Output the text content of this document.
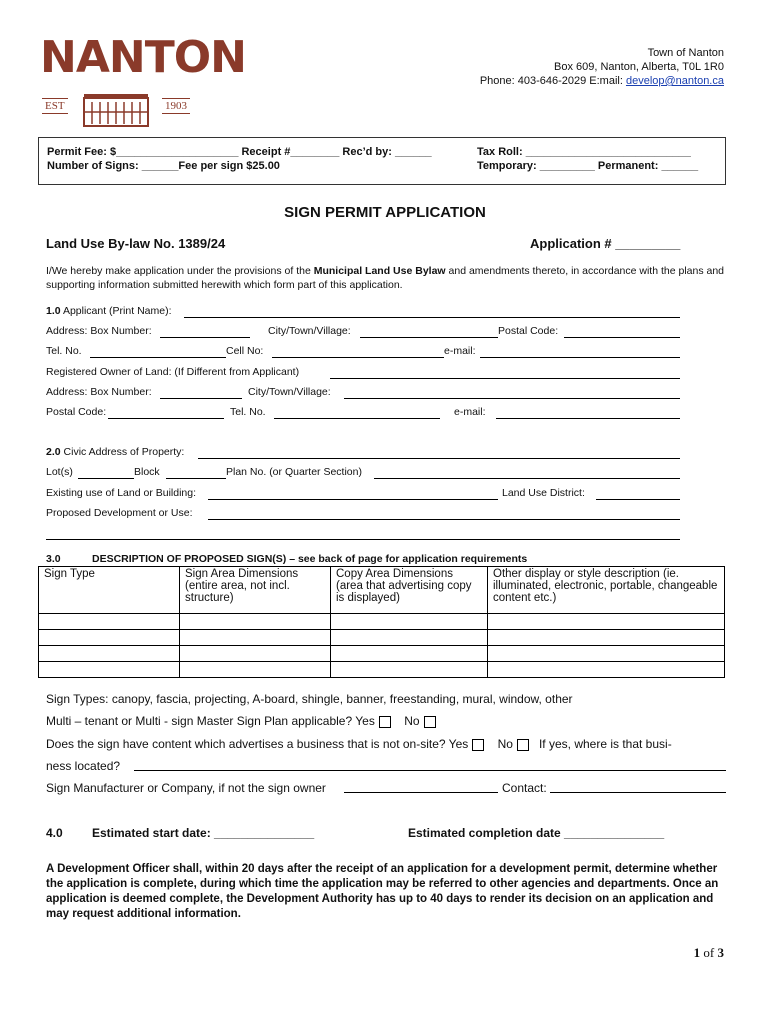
NANTON
EST	1903
Town of Nanton
Box 609, Nanton, Alberta, T0L 1R0
Phone: 403-646-2029 E:mail: develop@nanton.ca
Permit Fee: $____________________ Receipt #________ Rec’d by: ______
Number of Signs: ______Fee per sign $25.00
Tax Roll: ___________________________
Temporary: _________ Permanent: ______
SIGN PERMIT APPLICATION
Land Use By-law No. 1389/24	Application # _________
I/We hereby make application under the provisions of the Municipal Land Use Bylaw and amendments thereto, in accordance with the plans and supporting information submitted herewith which form part of this application.
1.0 Applicant (Print Name):
Address: Box Number:	City/Town/Village:	Postal Code:
Tel. No.	Cell No:	e-mail:
Registered Owner of Land: (If Different from Applicant)
Address: Box Number:	City/Town/Village:
Postal Code:	Tel. No.	e-mail:
2.0 Civic Address of Property:
Lot(s)	Block	Plan No. (or Quarter Section)
Existing use of Land or Building:	Land Use District:
Proposed Development or Use:
3.0	DESCRIPTION OF PROPOSED SIGN(S) – see back of page for application requirements
Sign Type	Sign Area Dimensions (entire area, not incl. structure)	Copy Area Dimensions (area that advertising copy is displayed)	Other display or style description (ie. illuminated, electronic, portable, changeable content etc.)

Sign Types: canopy, fascia, projecting, A-board, shingle, banner, freestanding, mural, window, other
Multi – tenant or Multi - sign Master Sign Plan applicable? Yes No
Does the sign have content which advertises a business that is not on-site? Yes No If yes, where is that busi-
ness located?
Sign Manufacturer or Company, if not the sign owner	Contact:
4.0 Estimated start date: _______________	Estimated completion date _______________
A Development Officer shall, within 20 days after the receipt of an application for a development permit, determine whether the application is complete, during which time the application may be referred to other agencies and departments. Once an application is deemed complete, the Development Authority has up to 40 days to render its decision on an application and may request additional information.
1 of 3
